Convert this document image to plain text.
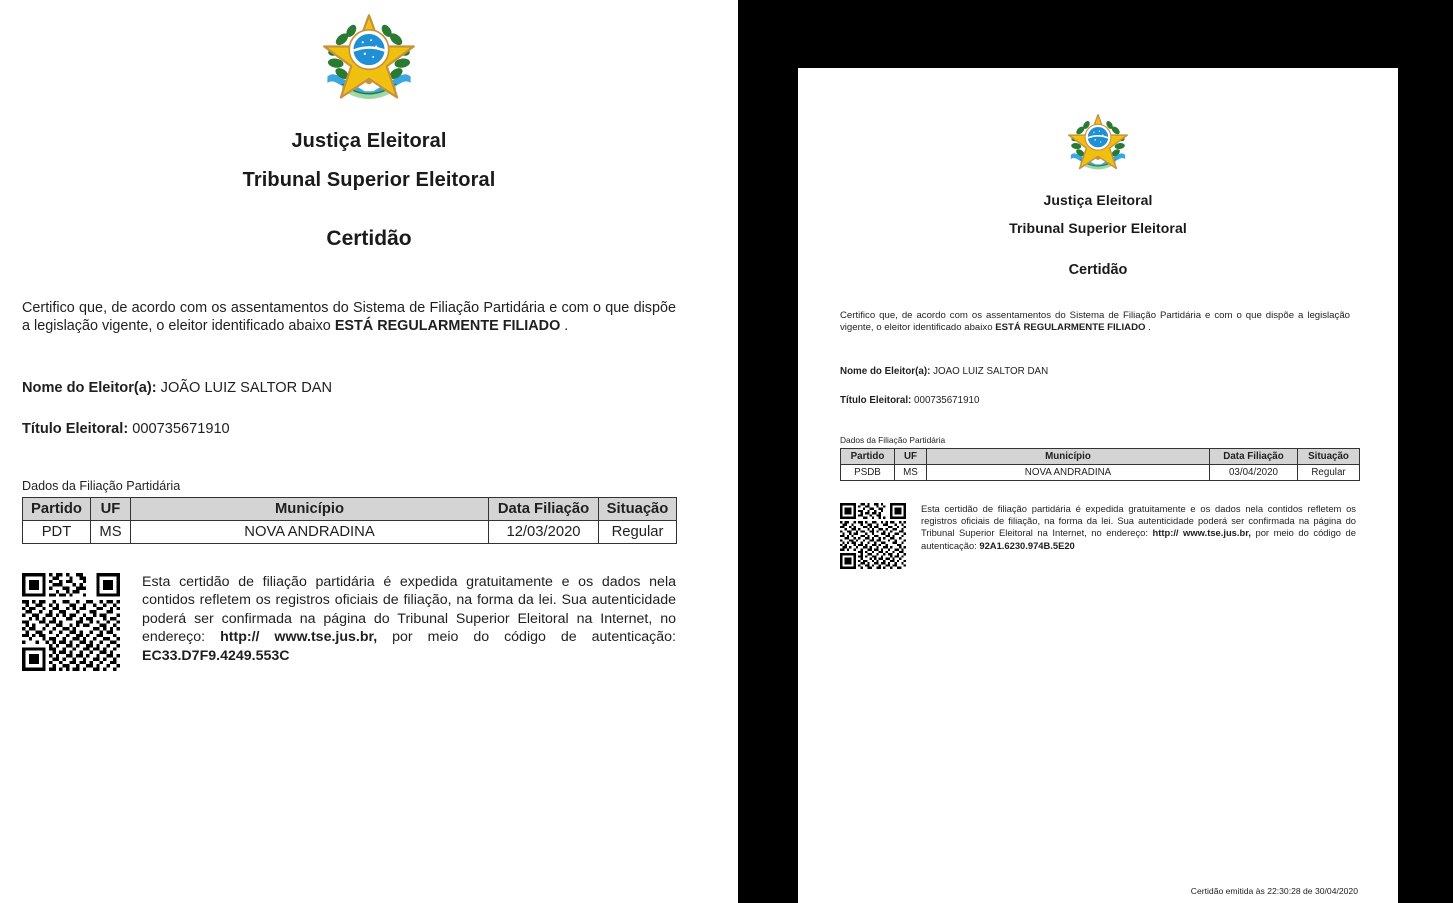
Justiça Eleitoral
Tribunal Superior Eleitoral
Certidão
Certifico que, de acordo com os assentamentos do Sistema de Filiação Partidária e com o que dispõe a legislação vigente, o eleitor identificado abaixo ESTÁ REGULARMENTE FILIADO .
Nome do Eleitor(a): JOÃO LUIZ SALTOR DAN
Título Eleitoral: 000735671910
Dados da Filiação Partidária
Partido	UF	Município	Data Filiação	Situação
PDT	MS	NOVA ANDRADINA	12/03/2020	Regular
Esta certidão de filiação partidária é expedida gratuitamente e os dados nela contidos refletem os registros oficiais de filiação, na forma da lei. Sua autenticidade poderá ser confirmada na página do Tribunal Superior Eleitoral na Internet, no endereço: http:// www.tse.jus.br, por meio do código de autenticação: EC33.D7F9.4249.553C
Justiça Eleitoral
Tribunal Superior Eleitoral
Certidão
Certifico que, de acordo com os assentamentos do Sistema de Filiação Partidária e com o que dispõe a legislação vigente, o eleitor identificado abaixo ESTÁ REGULARMENTE FILIADO .
Nome do Eleitor(a): JOAO LUIZ SALTOR DAN
Título Eleitoral: 000735671910
Dados da Filiação Partidária
Partido	UF	Município	Data Filiação	Situação
PSDB	MS	NOVA ANDRADINA	03/04/2020	Regular
Esta certidão de filiação partidária é expedida gratuitamente e os dados nela contidos refletem os registros oficiais de filiação, na forma da lei. Sua autenticidade poderá ser confirmada na página do Tribunal Superior Eleitoral na Internet, no endereço: http:// www.tse.jus.br, por meio do código de autenticação: 92A1.6230.974B.5E20
Certidão emitida às 22:30:28 de 30/04/2020
